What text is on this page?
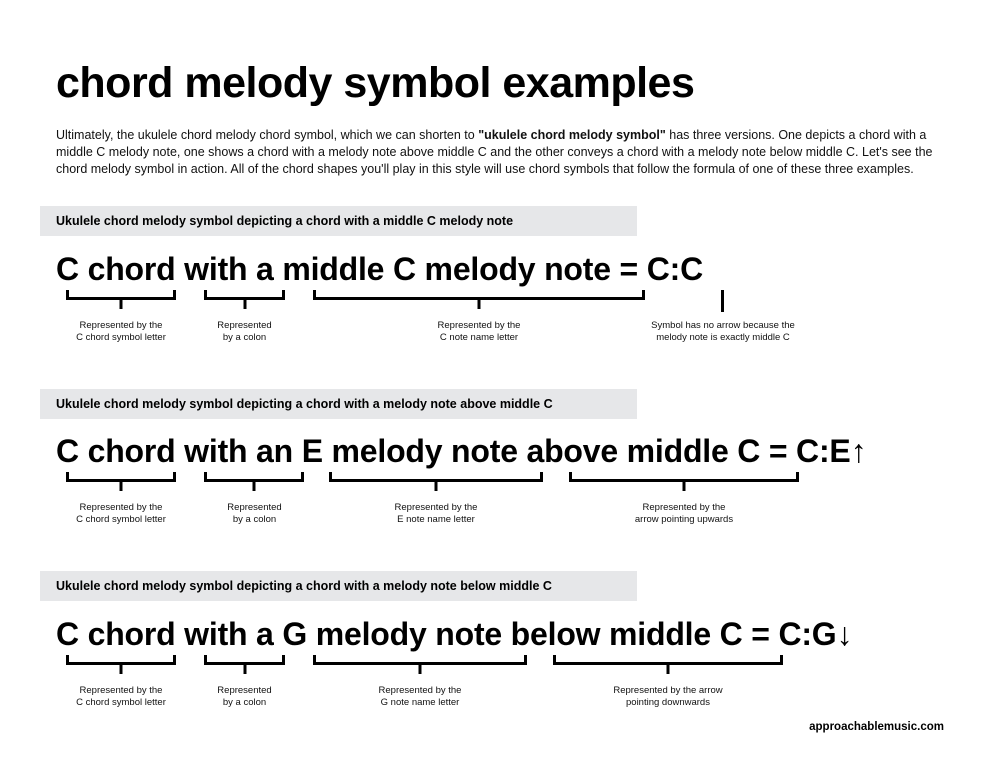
chord melody symbol examples

Ultimately, the ukulele chord melody chord symbol, which we can shorten to "ukulele chord melody symbol" has three versions. One depicts a chord with a middle C melody note, one shows a chord with a melody note above middle C and the other conveys a chord with a melody note below middle C. Let's see the chord melody symbol in action. All of the chord shapes you'll play in this style will use chord symbols that follow the formula of one of these three examples.

Ukulele chord melody symbol depicting a chord with a middle C melody note
C chord with a middle C melody note = C:C
Represented by the
C chord symbol letter
Represented
by a colon
Represented by the
C note name letter
Symbol has no arrow because the
melody note is exactly middle C
Ukulele chord melody symbol depicting a chord with a melody note above middle C
C chord with an E melody note above middle C = C:E↑
Represented by the
C chord symbol letter
Represented
by a colon
Represented by the
E note name letter
Represented by the
arrow pointing upwards
Ukulele chord melody symbol depicting a chord with a melody note below middle C
C chord with a G melody note below middle C = C:G↓
Represented by the
C chord symbol letter
Represented
by a colon
Represented by the
G note name letter
Represented by the arrow
pointing downwards
approachablemusic.com
